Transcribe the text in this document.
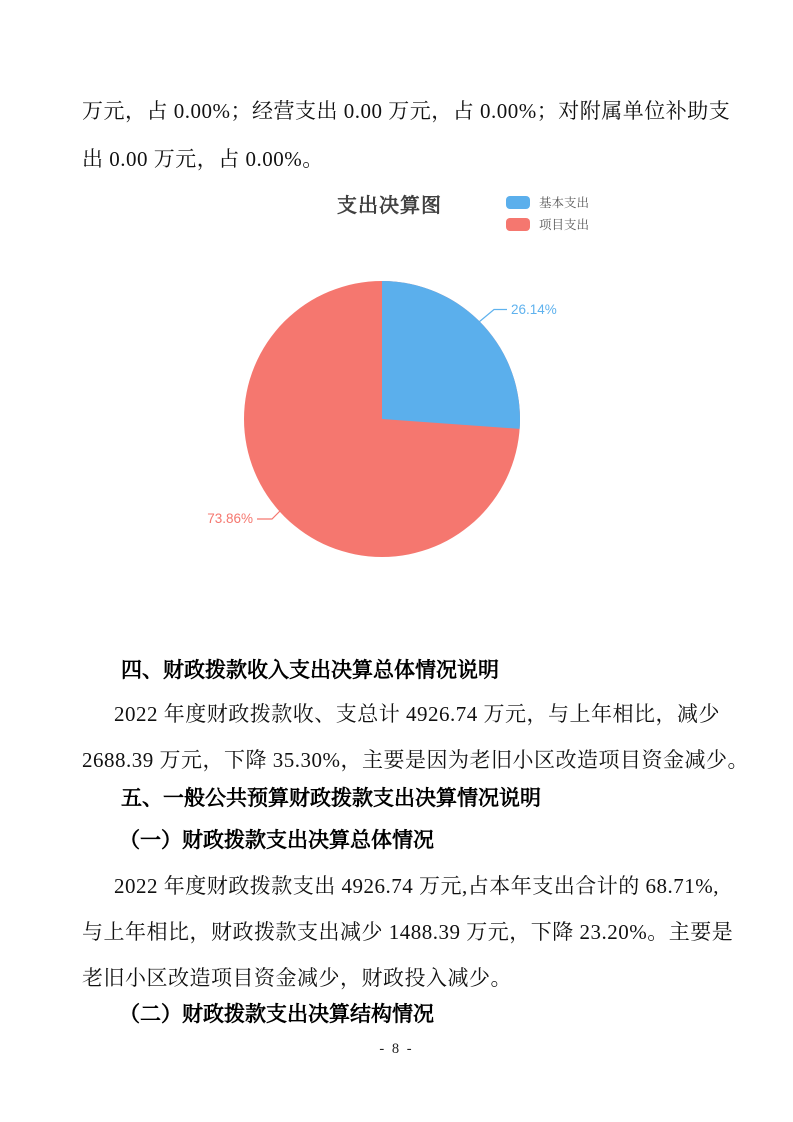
万元，占 0.00%；经营支出 0.00 万元，占 0.00%；对附属单位补助支
出 0.00 万元，占 0.00%。
支出决算图	基本支出
项目支出
26.14%
73.86%
四、财政拨款收入支出决算总体情况说明
2022 年度财政拨款收、支总计 4926.74 万元，与上年相比，减少
2688.39 万元，下降 35.30%，主要是因为老旧小区改造项目资金减少。
五、一般公共预算财政拨款支出决算情况说明
（一）财政拨款支出决算总体情况
2022 年度财政拨款支出 4926.74 万元,占本年支出合计的 68.71%,
与上年相比，财政拨款支出减少 1488.39 万元，下降 23.20%。主要是
老旧小区改造项目资金减少，财政投入减少。
（二）财政拨款支出决算结构情况
- 8 -
